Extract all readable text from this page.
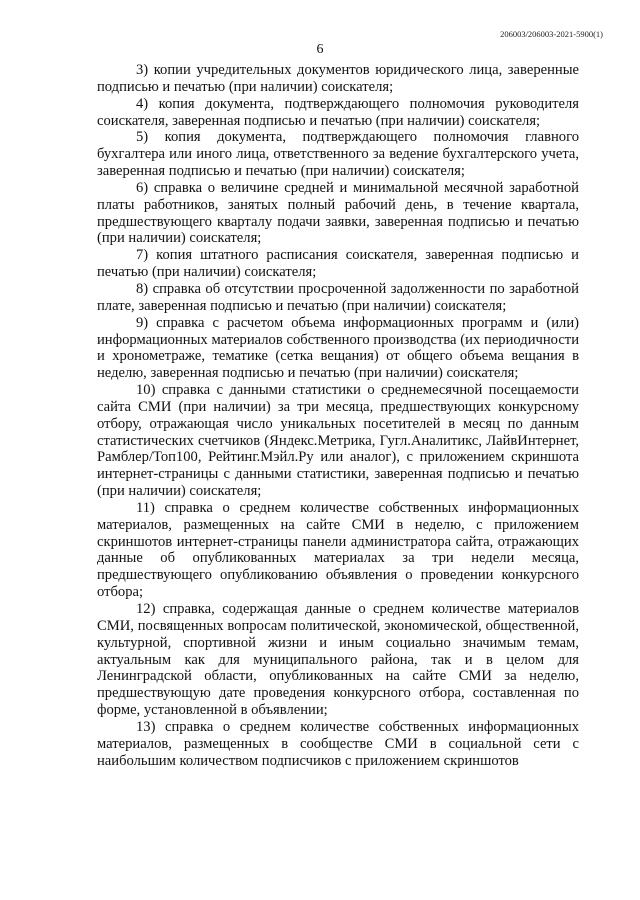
206003/206003-2021-5900(1)
6

3) копии учредительных документов юридического лица, заверенные подписью и печатью (при наличии) соискателя;

4) копия документа, подтверждающего полномочия руководителя соискателя, заверенная подписью и печатью (при наличии) соискателя;

5) копия документа, подтверждающего полномочия главного бухгалтера или иного лица, ответственного за ведение бухгалтерского учета, заверенная подписью и печатью (при наличии) соискателя;

6) справка о величине средней и минимальной месячной заработной платы работников, занятых полный рабочий день, в течение квартала, предшествующего кварталу подачи заявки, заверенная подписью и печатью (при наличии) соискателя;

7) копия штатного расписания соискателя, заверенная подписью и печатью (при наличии) соискателя;

8) справка об отсутствии просроченной задолженности по заработной плате, заверенная подписью и печатью (при наличии) соискателя;

9) справка с расчетом объема информационных программ и (или) информационных материалов собственного производства (их периодичности и хронометраже, тематике (сетка вещания) от общего объема вещания в неделю, заверенная подписью и печатью (при наличии) соискателя;

10) справка с данными статистики о среднемесячной посещаемости сайта СМИ (при наличии) за три месяца, предшествующих конкурсному отбору, отражающая число уникальных посетителей в месяц по данным статистических счетчиков (Яндекс.Метрика, Гугл.Аналитикс, ЛайвИнтернет, Рамблер/Топ100, Рейтинг.Мэйл.Ру или аналог), с приложением скриншота интернет-страницы с данными статистики, заверенная подписью и печатью (при наличии) соискателя;

11) справка о среднем количестве собственных информационных материалов, размещенных на сайте СМИ в неделю, с приложением скриншотов интернет-страницы панели администратора сайта, отражающих данные об опубликованных материалах за три недели месяца, предшествующего опубликованию объявления о проведении конкурсного отбора;

12) справка, содержащая данные о среднем количестве материалов СМИ, посвященных вопросам политической, экономической, общественной, культурной, спортивной жизни и иным социально значимым темам, актуальным как для муниципального района, так и в целом для Ленинградской области, опубликованных на сайте СМИ за неделю, предшествующую дате проведения конкурсного отбора, составленная по форме, установленной в объявлении;

13) справка о среднем количестве собственных информационных материалов, размещенных в сообществе СМИ в социальной сети с наибольшим количеством подписчиков с приложением скриншотов
